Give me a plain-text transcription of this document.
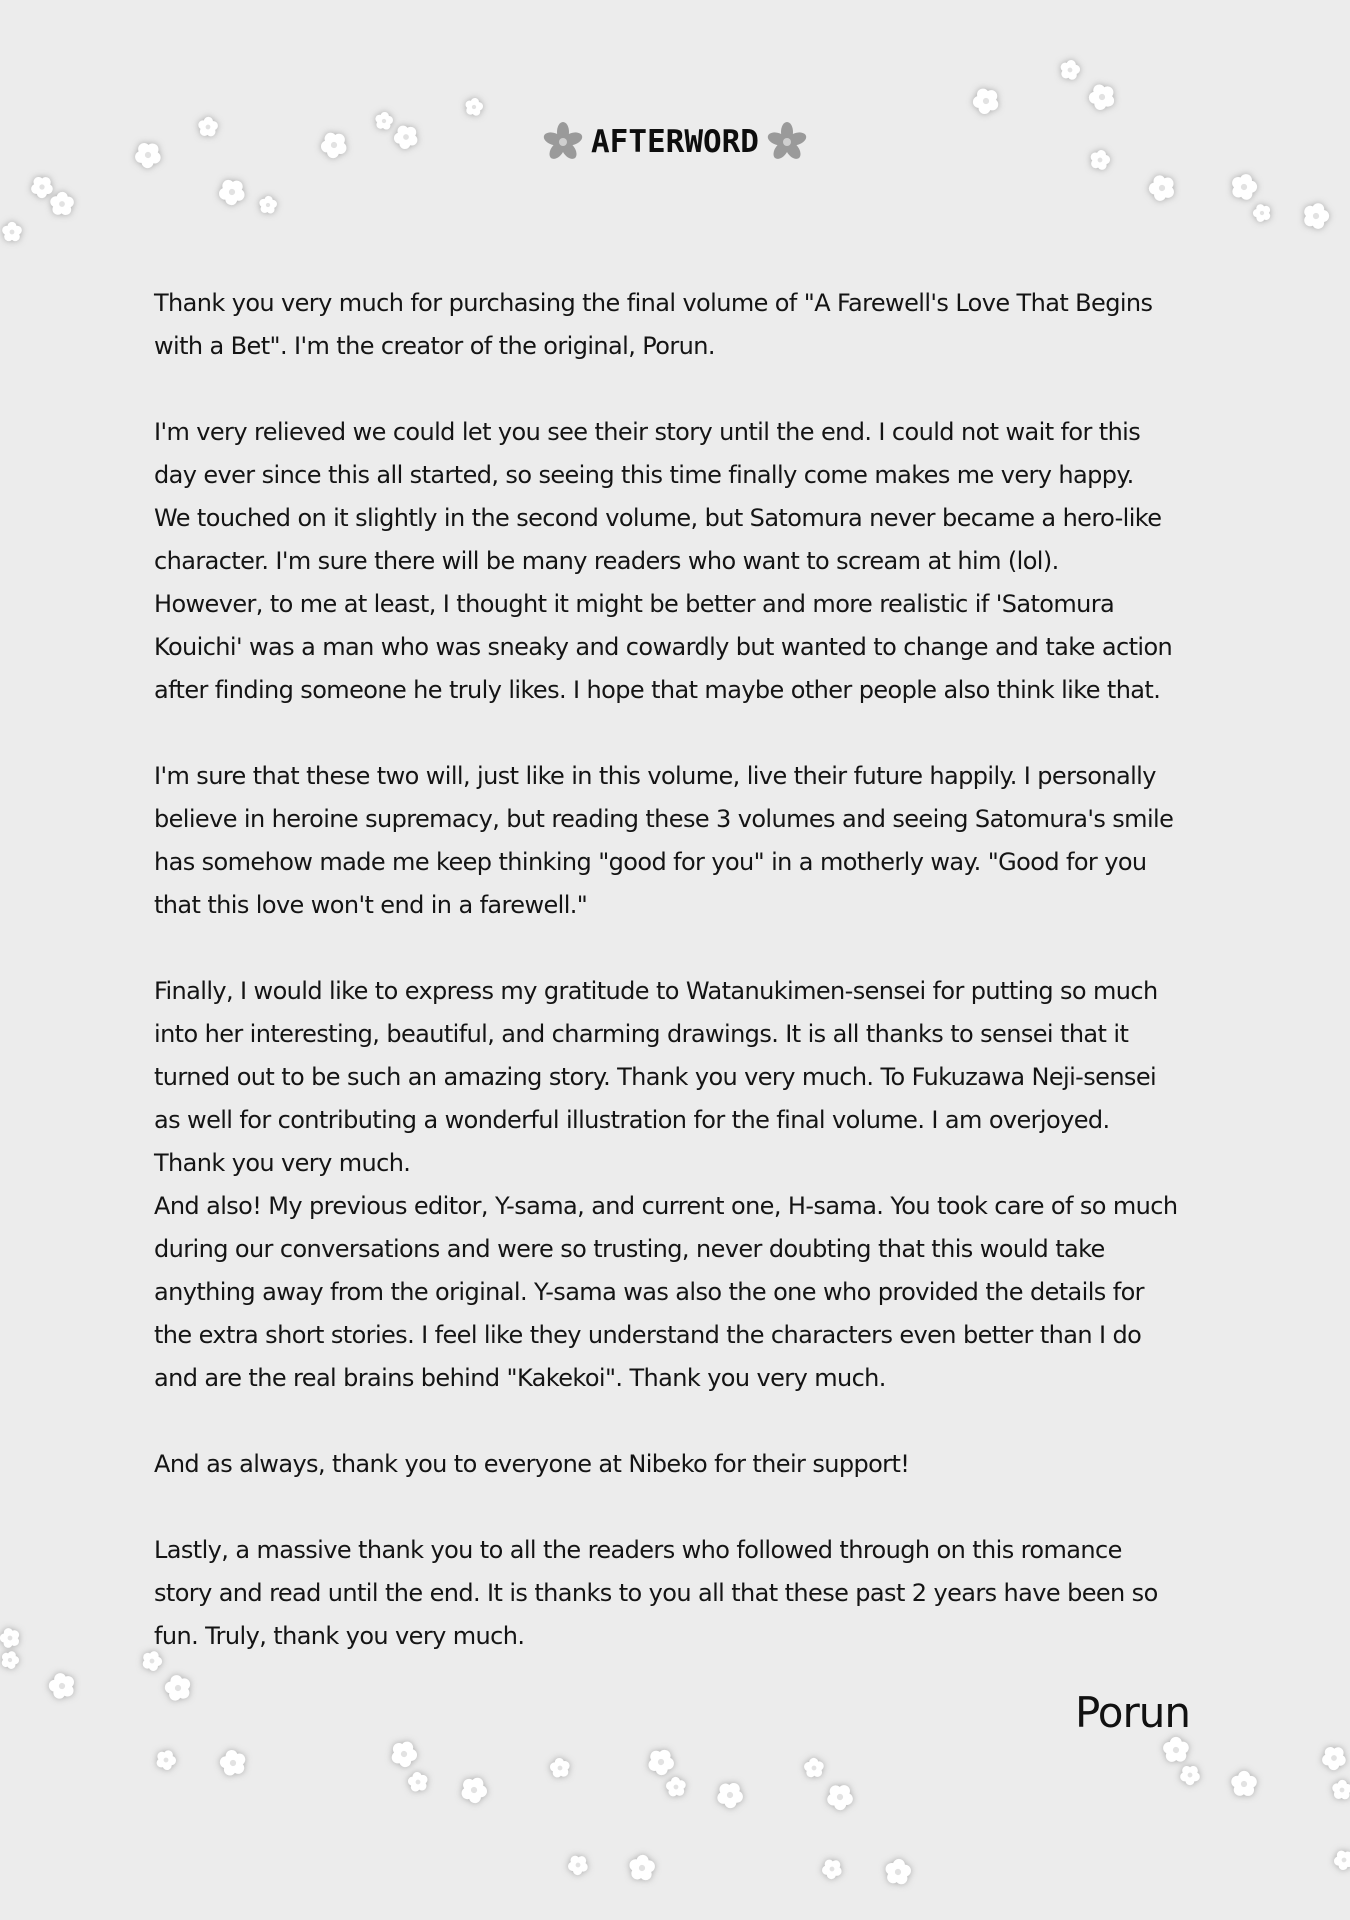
AFTERWORD

Thank you very much for purchasing the final volume of "A Farewell's Love That Begins with a Bet". I'm the creator of the original, Porun.

I'm very relieved we could let you see their story until the end. I could not wait for this day ever since this all started, so seeing this time finally come makes me very happy.
We touched on it slightly in the second volume, but Satomura never became a hero-like character. I'm sure there will be many readers who want to scream at him (lol).
However, to me at least, I thought it might be better and more realistic if 'Satomura Kouichi' was a man who was sneaky and cowardly but wanted to change and take action after finding someone he truly likes. I hope that maybe other people also think like that.

I'm sure that these two will, just like in this volume, live their future happily. I personally believe in heroine supremacy, but reading these 3 volumes and seeing Satomura's smile has somehow made me keep thinking "good for you" in a motherly way. "Good for you that this love won't end in a farewell."

Finally, I would like to express my gratitude to Watanukimen-sensei for putting so much into her interesting, beautiful, and charming drawings. It is all thanks to sensei that it turned out to be such an amazing story. Thank you very much. To Fukuzawa Neji-sensei as well for contributing a wonderful illustration for the final volume. I am overjoyed. Thank you very much.
And also! My previous editor, Y-sama, and current one, H-sama. You took care of so much during our conversations and were so trusting, never doubting that this would take anything away from the original. Y-sama was also the one who provided the details for the extra short stories. I feel like they understand the characters even better than I do and are the real brains behind "Kakekoi". Thank you very much.

And as always, thank you to everyone at Nibeko for their support!

Lastly, a massive thank you to all the readers who followed through on this romance story and read until the end. It is thanks to you all that these past 2 years have been so fun. Truly, thank you very much.

Porun
